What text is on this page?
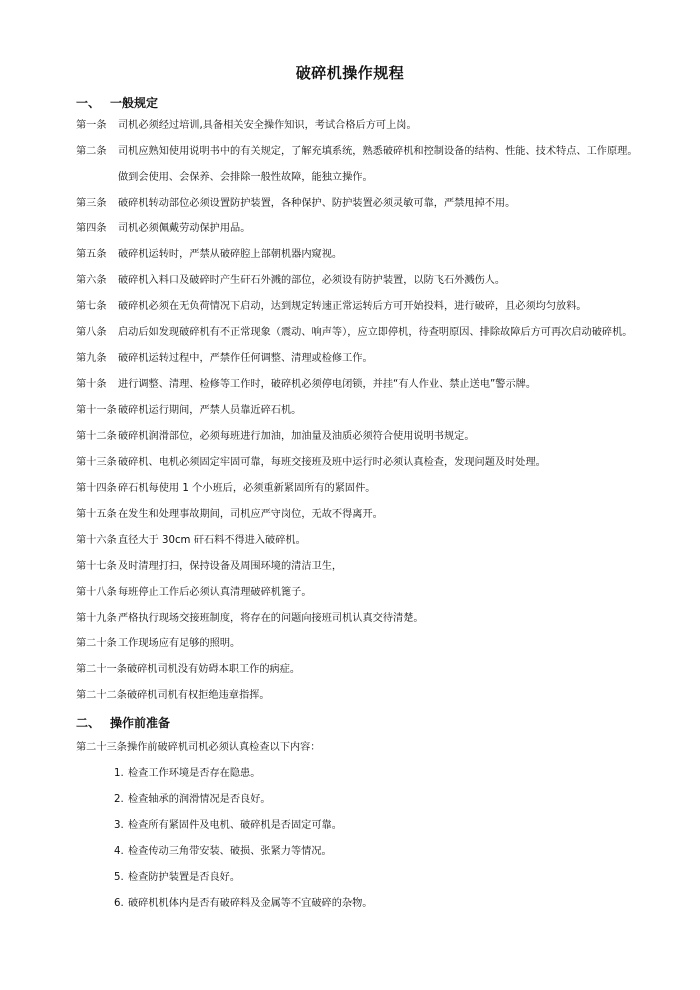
破碎机操作规程
一、 一般规定
第一条 司机必须经过培训,具备相关安全操作知识，考试合格后方可上岗。
第二条 司机应熟知使用说明书中的有关规定，了解充填系统，熟悉破碎机和控制设备的结构、性能、技术特点、工作原理。
做到会使用、会保养、会排除一般性故障，能独立操作。
第三条 破碎机转动部位必须设置防护装置，各种保护、防护装置必须灵敏可靠，严禁甩掉不用。
第四条 司机必须佩戴劳动保护用品。
第五条 破碎机运转时，严禁从破碎腔上部朝机器内窥视。
第六条 破碎机入料口及破碎时产生矸石外溅的部位，必须设有防护装置，以防飞石外溅伤人。
第七条 破碎机必须在无负荷情况下启动，达到规定转速正常运转后方可开始投料，进行破碎，且必须均匀放料。
第八条 启动后如发现破碎机有不正常现象（震动、响声等），应立即停机，待查明原因、排除故障后方可再次启动破碎机。
第九条 破碎机运转过程中，严禁作任何调整、清理或检修工作。
第十条 进行调整、清理、检修等工作时，破碎机必须停电闭锁，并挂“有人作业、禁止送电”警示牌。
第十一条破碎机运行期间，严禁人员靠近碎石机。
第十二条破碎机润滑部位，必须每班进行加油，加油量及油质必须符合使用说明书规定。
第十三条破碎机、电机必须固定牢固可靠，每班交接班及班中运行时必须认真检查，发现问题及时处理。
第十四条碎石机每使用 1 个小班后，必须重新紧固所有的紧固件。
第十五条在发生和处理事故期间，司机应严守岗位，无故不得离开。
第十六条直径大于 30cm 矸石料不得进入破碎机。
第十七条及时清理打扫，保持设备及周围环境的清洁卫生，
第十八条每班停止工作后必须认真清理破碎机篦子。
第十九条严格执行现场交接班制度，将存在的问题向接班司机认真交待清楚。
第二十条工作现场应有足够的照明。
第二十一条破碎机司机没有妨碍本职工作的病症。
第二十二条破碎机司机有权拒绝违章指挥。
二、 操作前准备
第二十三条操作前破碎机司机必须认真检查以下内容：
1. 检查工作环境是否存在隐患。
2. 检查轴承的润滑情况是否良好。
3. 检查所有紧固件及电机、破碎机是否固定可靠。
4. 检查传动三角带安装、破损、张紧力等情况。
5. 检查防护装置是否良好。
6. 破碎机机体内是否有破碎料及金属等不宜破碎的杂物。
